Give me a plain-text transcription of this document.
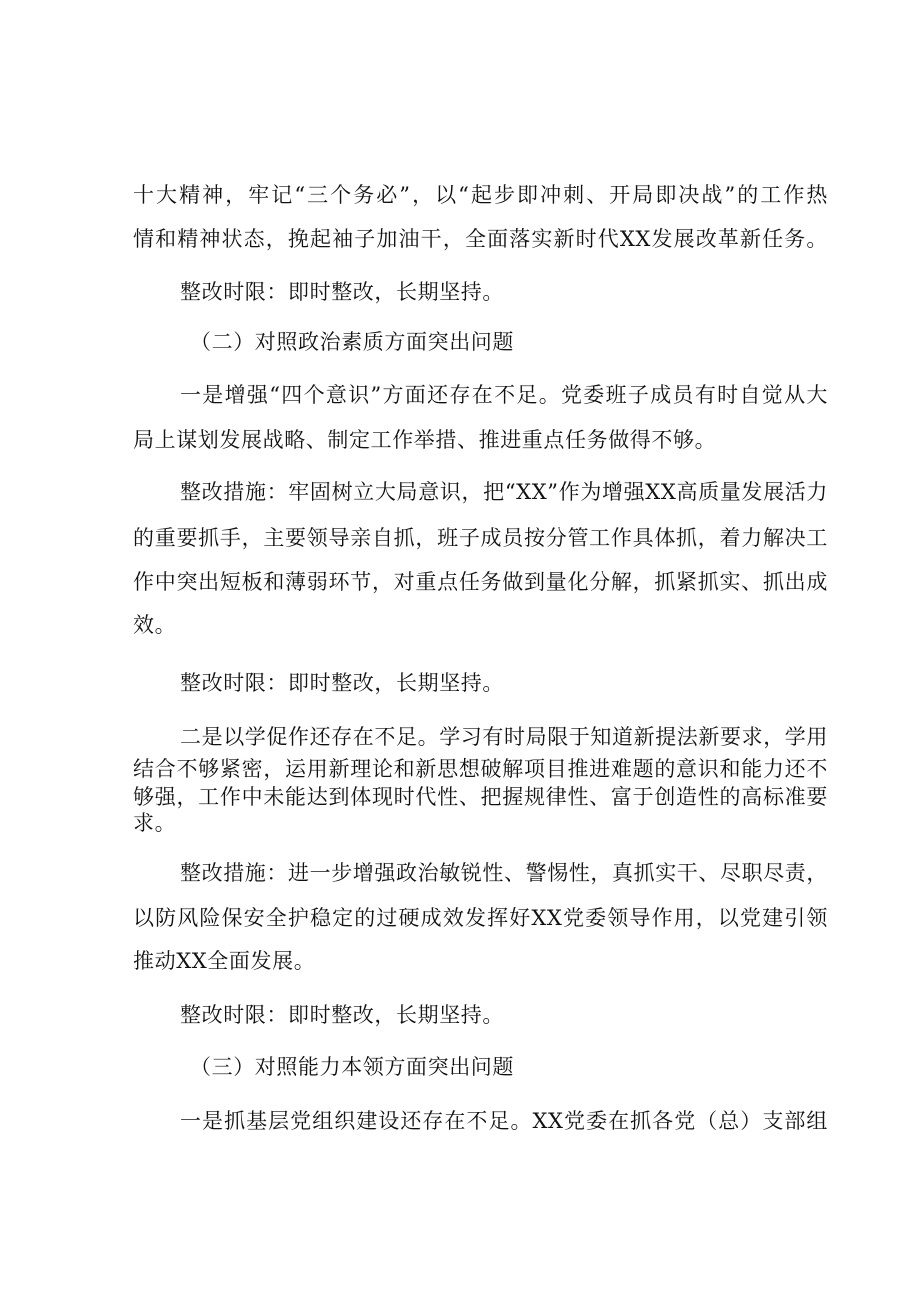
十大精神，牢记“三个务必”，以“起步即冲刺、开局即决战”的工作热
情和精神状态，挽起袖子加油干，全面落实新时代XX发展改革新任务。
整改时限：即时整改，长期坚持。
（二）对照政治素质方面突出问题
一是增强“四个意识”方面还存在不足。党委班子成员有时自觉从大
局上谋划发展战略、制定工作举措、推进重点任务做得不够。
整改措施：牢固树立大局意识，把“XX”作为增强XX高质量发展活力
的重要抓手，主要领导亲自抓，班子成员按分管工作具体抓，着力解决工
作中突出短板和薄弱环节，对重点任务做到量化分解，抓紧抓实、抓出成
效。
整改时限：即时整改，长期坚持。
二是以学促作还存在不足。学习有时局限于知道新提法新要求，学用
结合不够紧密，运用新理论和新思想破解项目推进难题的意识和能力还不
够强，工作中未能达到体现时代性、把握规律性、富于创造性的高标准要
求。
整改措施：进一步增强政治敏锐性、警惕性，真抓实干、尽职尽责，
以防风险保安全护稳定的过硬成效发挥好XX党委领导作用，以党建引领
推动XX全面发展。
整改时限：即时整改，长期坚持。
（三）对照能力本领方面突出问题
一是抓基层党组织建设还存在不足。XX党委在抓各党（总）支部组
